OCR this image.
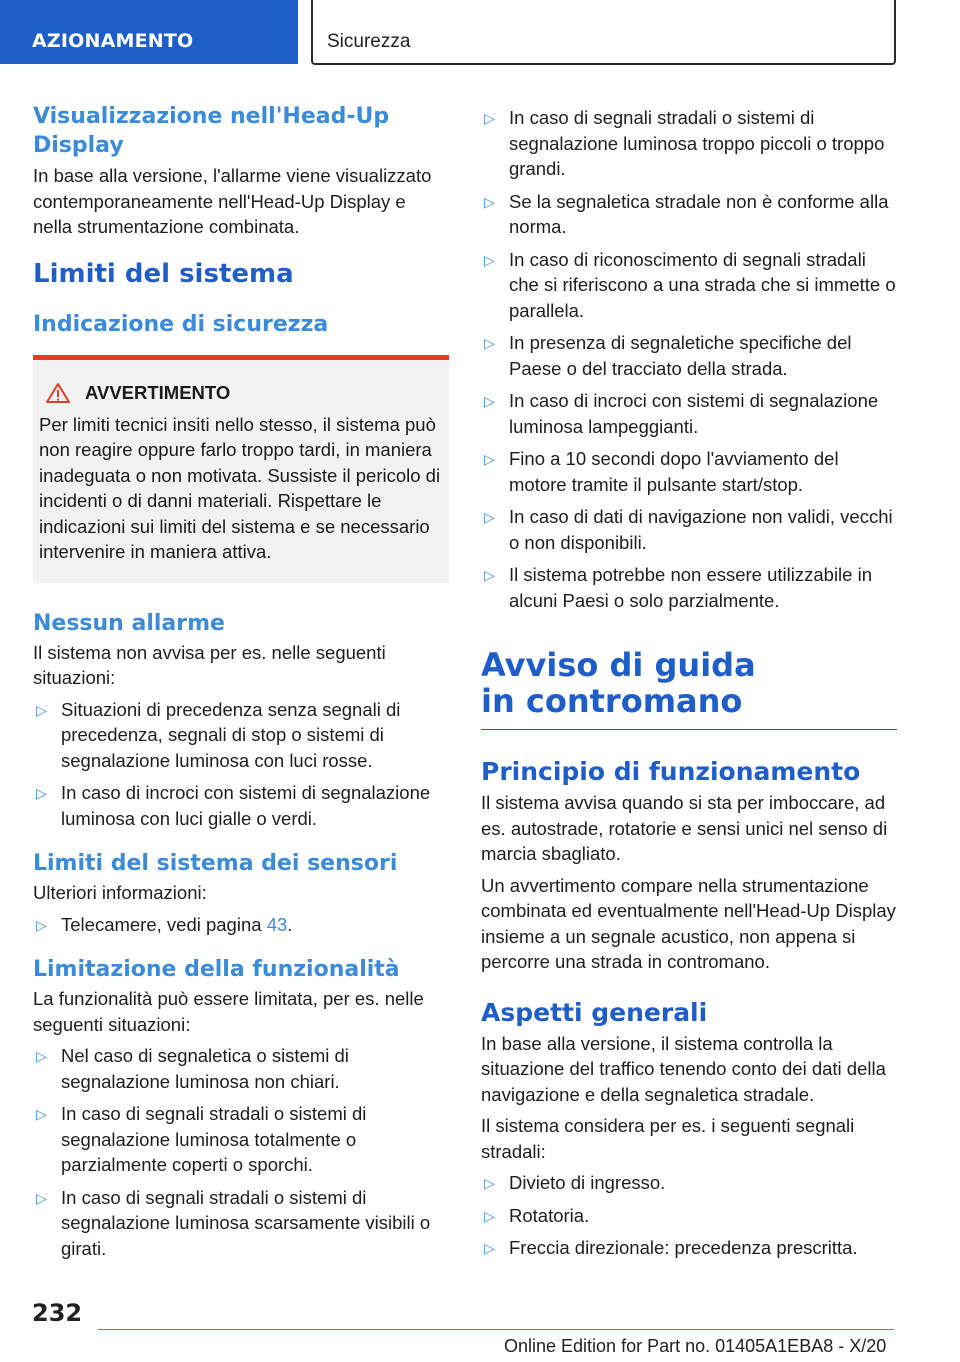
AZIONAMENTO	Sicurezza
Visualizzazione nell'Head-Up Display

In base alla versione, l'allarme viene visualizzato contemporaneamente nell'Head-Up Display e nella strumentazione combinata.

Limiti del sistema
Indicazione di sicurezza
AVVERTIMENTO
Per limiti tecnici insiti nello stesso, il sistema può non reagire oppure farlo troppo tardi, in maniera inadeguata o non motivata. Sussiste il pericolo di incidenti o di danni materiali. Rispettare le indicazioni sui limiti del sistema e se necessario intervenire in maniera attiva.
Nessun allarme

Il sistema non avvisa per es. nelle seguenti situazioni:

▷ Situazioni di precedenza senza segnali di precedenza, segnali di stop o sistemi di segnalazione luminosa con luci rosse.
▷ In caso di incroci con sistemi di segnalazione luminosa con luci gialle o verdi.
Limiti del sistema dei sensori

Ulteriori informazioni:

▷ Telecamere, vedi pagina 43.
Limitazione della funzionalità

La funzionalità può essere limitata, per es. nelle seguenti situazioni:

▷ Nel caso di segnaletica o sistemi di segnalazione luminosa non chiari.
▷ In caso di segnali stradali o sistemi di segnalazione luminosa totalmente o parzialmente coperti o sporchi.
▷ In caso di segnali stradali o sistemi di segnalazione luminosa scarsamente visibili o girati.
▷ In caso di segnali stradali o sistemi di segnalazione luminosa troppo piccoli o troppo grandi.
▷ Se la segnaletica stradale non è conforme alla norma.
▷ In caso di riconoscimento di segnali stradali che si riferiscono a una strada che si immette o parallela.
▷ In presenza di segnaletiche specifiche del Paese o del tracciato della strada.
▷ In caso di incroci con sistemi di segnalazione luminosa lampeggianti.
▷ Fino a 10 secondi dopo l'avviamento del motore tramite il pulsante start/stop.
▷ In caso di dati di navigazione non validi, vecchi o non disponibili.
▷ Il sistema potrebbe non essere utilizzabile in alcuni Paesi o solo parzialmente.
Avviso di guida in contromano
Principio di funzionamento

Il sistema avvisa quando si sta per imboccare, ad es. autostrade, rotatorie e sensi unici nel senso di marcia sbagliato.

Un avvertimento compare nella strumentazione combinata ed eventualmente nell'Head-Up Display insieme a un segnale acustico, non appena si percorre una strada in contromano.

Aspetti generali

In base alla versione, il sistema controlla la situazione del traffico tenendo conto dei dati della navigazione e della segnaletica stradale.

Il sistema considera per es. i seguenti segnali stradali:

▷ Divieto di ingresso.
▷ Rotatoria.
▷ Freccia direzionale: precedenza prescritta.
232
Online Edition for Part no. 01405A1EBA8 - X/20
